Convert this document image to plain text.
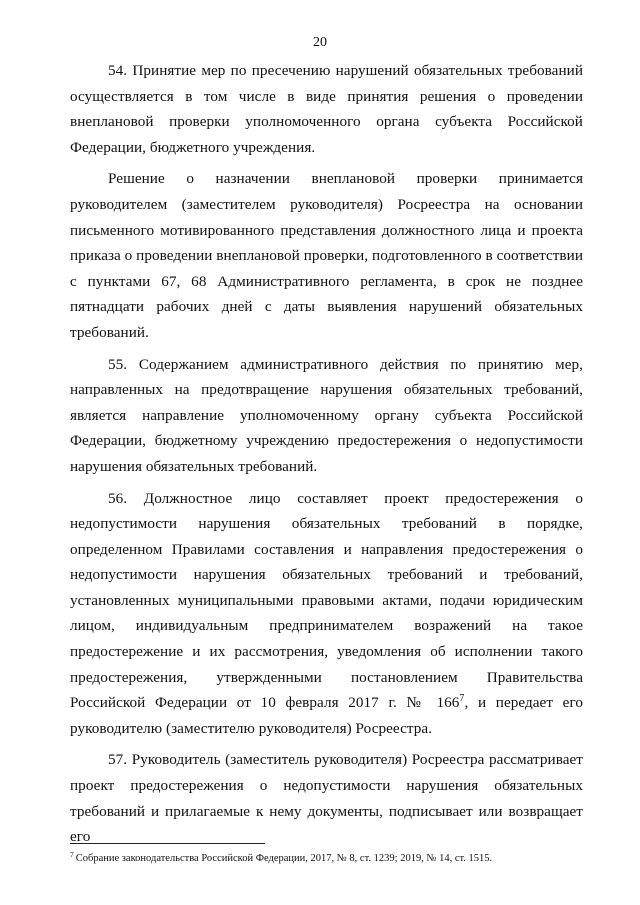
20

54. Принятие мер по пресечению нарушений обязательных требований осуществляется в том числе в виде принятия решения о проведении внеплановой проверки уполномоченного органа субъекта Российской Федерации, бюджетного учреждения.

Решение о назначении внеплановой проверки принимается руководителем (заместителем руководителя) Росреестра на основании письменного мотивированного представления должностного лица и проекта приказа о проведении внеплановой проверки, подготовленного в соответствии с пунктами 67, 68 Административного регламента, в срок не позднее пятнадцати рабочих дней с даты выявления нарушений обязательных требований.

55. Содержанием административного действия по принятию мер, направленных на предотвращение нарушения обязательных требований, является направление уполномоченному органу субъекта Российской Федерации, бюджетному учреждению предостережения о недопустимости нарушения обязательных требований.

56. Должностное лицо составляет проект предостережения о недопустимости нарушения обязательных требований в порядке, определенном Правилами составления и направления предостережения о недопустимости нарушения обязательных требований и требований, установленных муниципальными правовыми актами, подачи юридическим лицом, индивидуальным предпринимателем возражений на такое предостережение и их рассмотрения, уведомления об исполнении такого предостережения, утвержденными постановлением Правительства Российской Федерации от 10 февраля 2017 г. № 166$^7$, и передает его руководителю (заместителю руководителя) Росреестра.

57. Руководитель (заместитель руководителя) Росреестра рассматривает проект предостережения о недопустимости нарушения обязательных требований и прилагаемые к нему документы, подписывает или возвращает его

$^7$ Собрание законодательства Российской Федерации, 2017, № 8, ст. 1239; 2019, № 14, ст. 1515.
